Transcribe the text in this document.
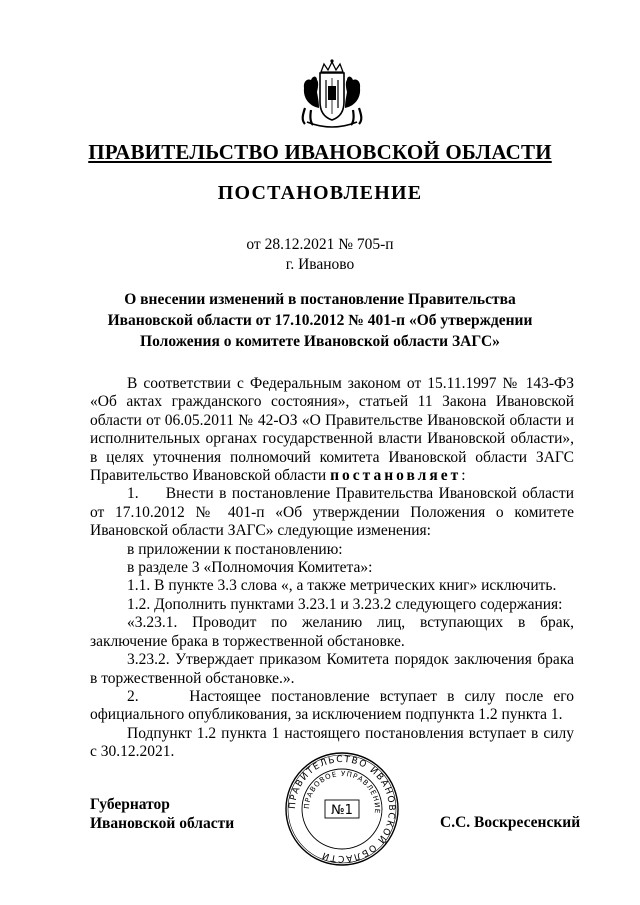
ПРАВИТЕЛЬСТВО ИВАНОВСКОЙ ОБЛАСТИ
ПОСТАНОВЛЕНИЕ
от 28.12.2021 № 705-п
г. Иваново
О внесении изменений в постановление Правительства
Ивановской области от 17.10.2012 № 401-п «Об утверждении
Положения о комитете Ивановской области ЗАГС»

В соответствии с Федеральным законом от 15.11.1997 № 143-ФЗ «Об актах гражданского состояния», статьей 11 Закона Ивановской области от 06.05.2011 № 42-ОЗ «О Правительстве Ивановской области и исполнительных органах государственной власти Ивановской области», в целях уточнения полномочий комитета Ивановской области ЗАГС Правительство Ивановской области постановляет:

1.     Внести в постановление Правительства Ивановской области от 17.10.2012 № 401-п «Об утверждении Положения о комитете Ивановской области ЗАГС» следующие изменения:

в приложении к постановлению:

в разделе 3 «Полномочия Комитета»:

1.1. В пункте 3.3 слова «, а также метрических книг» исключить.

1.2. Дополнить пунктами 3.23.1 и 3.23.2 следующего содержания:

«3.23.1. Проводит по желанию лиц, вступающих в брак, заключение брака в торжественной обстановке.

3.23.2. Утверждает приказом Комитета порядок заключения брака в торжественной обстановке.».

2.     Настоящее постановление вступает в силу после его официального опубликования, за исключением подпункта 1.2 пункта 1.

Подпункт 1.2 пункта 1 настоящего постановления вступает в силу с 30.12.2021.

Губернатор
Ивановской области	С.С. Воскресенский
ПРАВИТЕЛЬСТВО ИВАНОВСКОЙ ОБЛАСТИ
ПРАВОВОЕ УПРАВЛЕНИЕ
№1
